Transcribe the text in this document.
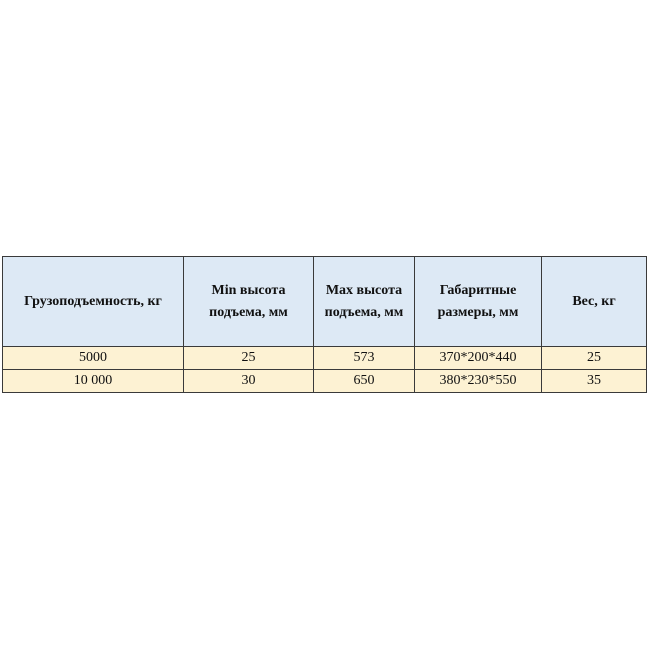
Грузоподъемность, кг	Min высота подъема, мм	Max высота подъема, мм	Габаритные размеры, мм	Вес, кг
5000	25	573	370*200*440	25
10 000	30	650	380*230*550	35
